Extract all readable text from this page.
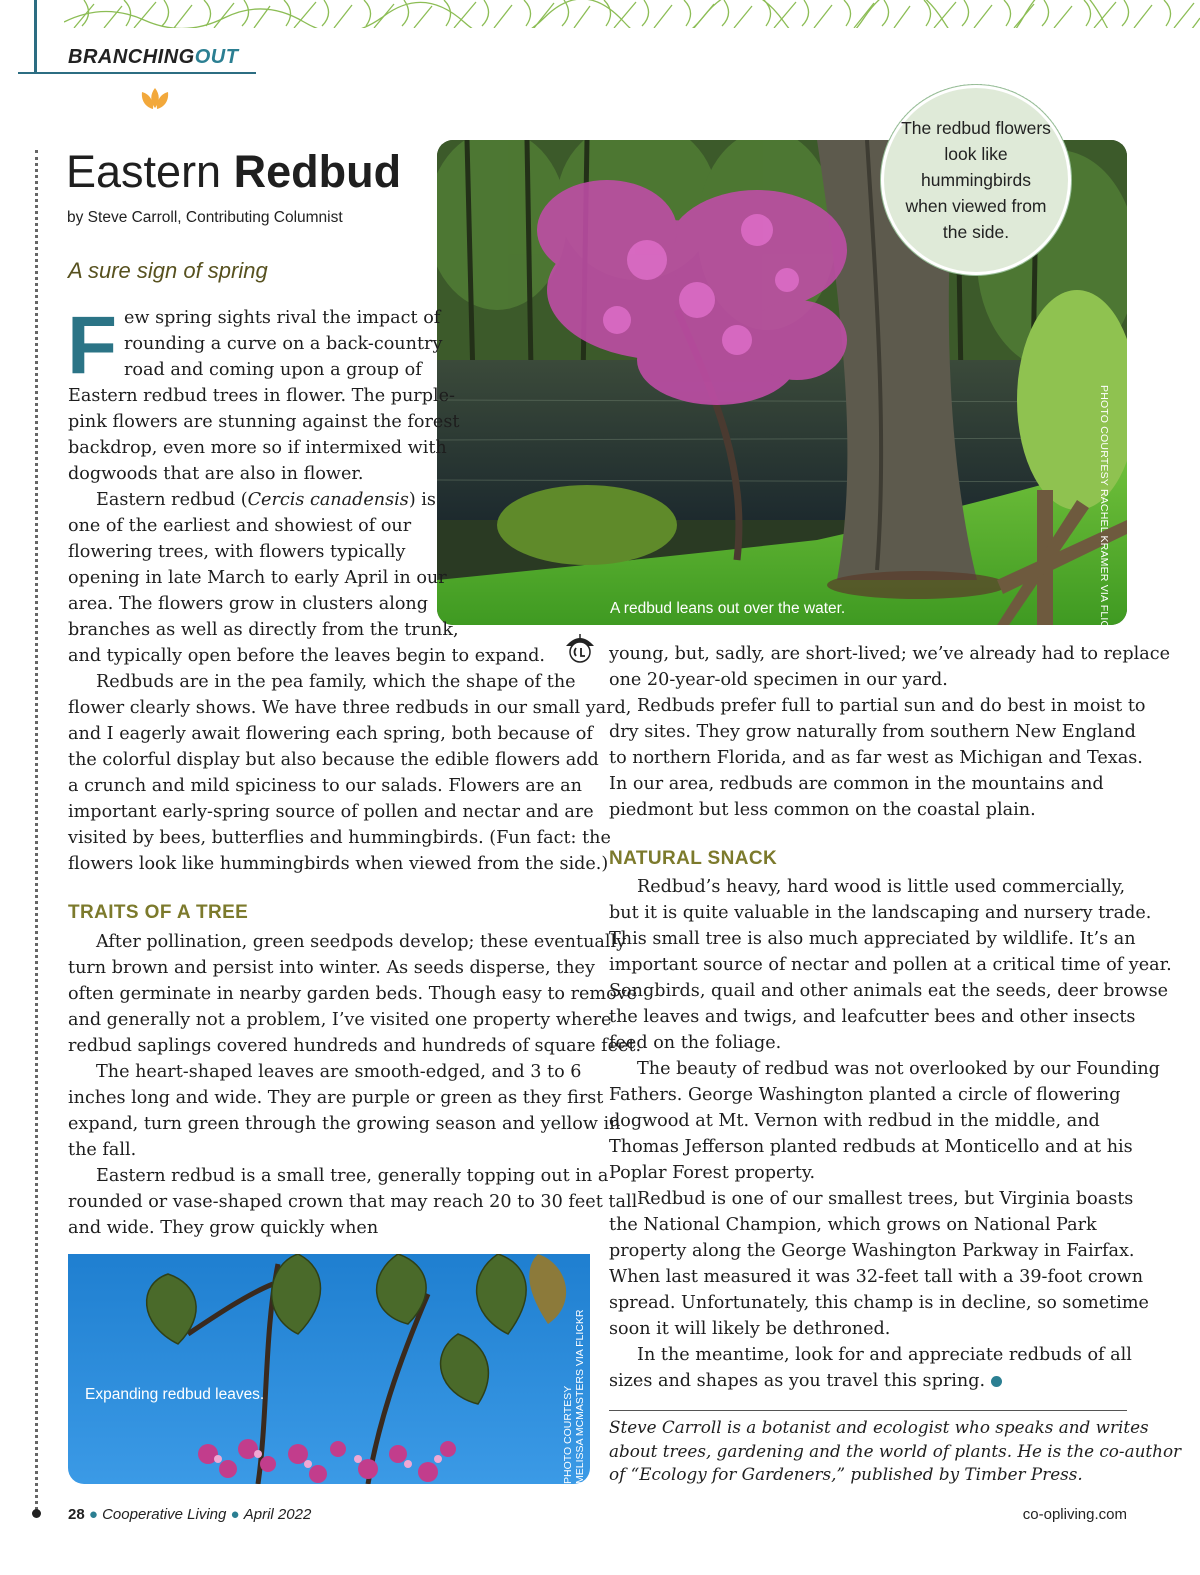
BRANCHINGOUT
Eastern Redbud
by Steve Carroll, Contributing Columnist
A sure sign of spring
PHOTO COURTESY RACHEL KRAMER VIA FLICKR
A redbud leans out over the water.
The redbud flowers look like hummingbirds when viewed from the side.
F ew spring sights rival the impact of
rounding a curve on a back-country
road and coming upon a group of
Eastern redbud trees in flower. The purple-
pink flowers are stunning against the forest
backdrop, even more so if intermixed with
dogwoods that are also in flower.
Eastern redbud (Cercis canadensis) is
one of the earliest and showiest of our
flowering trees, with flowers typically
opening in late March to early April in our
area. The flowers grow in clusters along
branches as well as directly from the trunk,
and typically open before the leaves begin to expand.
Redbuds are in the pea family, which the shape of the
flower clearly shows. We have three redbuds in our small yard,
and I eagerly await flowering each spring, both because of
the colorful display but also because the edible flowers add
a crunch and mild spiciness to our salads. Flowers are an
important early-spring source of pollen and nectar and are
visited by bees, butterflies and hummingbirds. (Fun fact: the
flowers look like hummingbirds when viewed from the side.)
TRAITS OF A TREE
After pollination, green seedpods develop; these eventually
turn brown and persist into winter. As seeds disperse, they
often germinate in nearby garden beds. Though easy to remove
and generally not a problem, I’ve visited one property where
redbud saplings covered hundreds and hundreds of square feet.
The heart-shaped leaves are smooth-edged, and 3 to 6
inches long and wide. They are purple or green as they first
expand, turn green through the growing season and yellow in
the fall.
Eastern redbud is a small tree, generally topping out in a
rounded or vase-shaped crown that may reach 20 to 30 feet tall
and wide. They grow quickly when
Expanding redbud leaves.	PHOTO COURTESY MELISSA MCMASTERS VIA FLICKR
young, but, sadly, are short-lived; we’ve already had to replace
one 20-year-old specimen in our yard.
Redbuds prefer full to partial sun and do best in moist to
dry sites. They grow naturally from southern New England
to northern Florida, and as far west as Michigan and Texas.
In our area, redbuds are common in the mountains and
piedmont but less common on the coastal plain.
NATURAL SNACK
Redbud’s heavy, hard wood is little used commercially,
but it is quite valuable in the landscaping and nursery trade.
This small tree is also much appreciated by wildlife. It’s an
important source of nectar and pollen at a critical time of year.
Songbirds, quail and other animals eat the seeds, deer browse
the leaves and twigs, and leafcutter bees and other insects
feed on the foliage.
The beauty of redbud was not overlooked by our Founding
Fathers. George Washington planted a circle of flowering
dogwood at Mt. Vernon with redbud in the middle, and
Thomas Jefferson planted redbuds at Monticello and at his
Poplar Forest property.
Redbud is one of our smallest trees, but Virginia boasts
the National Champion, which grows on National Park
property along the George Washington Parkway in Fairfax.
When last measured it was 32-feet tall with a 39-foot crown
spread. Unfortunately, this champ is in decline, so sometime
soon it will likely be dethroned.
In the meantime, look for and appreciate redbuds of all
sizes and shapes as you travel this spring.
Steve Carroll is a botanist and ecologist who speaks and writes
about trees, gardening and the world of plants. He is the co-author
of “Ecology for Gardeners,” published by Timber Press.
28 ● Cooperative Living ● April 2022	co-opliving.com
